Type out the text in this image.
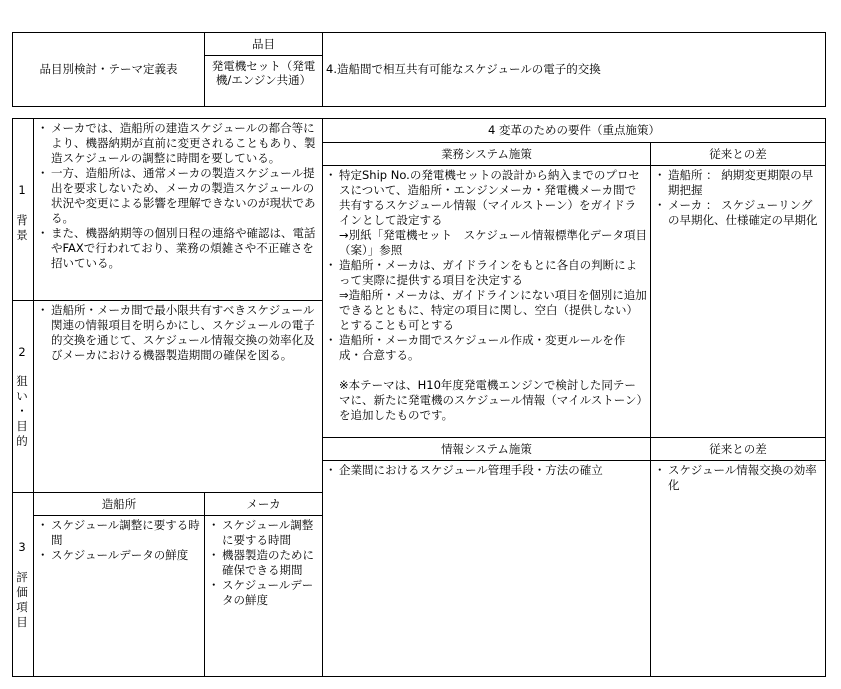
品目別検討・テーマ定義表
品目
発電機セット（発電機/エンジン共通）
4.造船間で相互共有可能なスケジュールの電子的交換
1
背
景
・ メーカでは、造船所の建造スケジュールの都合等により、機器納期が直前に変更されることもあり、製造スケジュールの調整に時間を要している。
・ 一方、造船所は、通常メーカの製造スケジュール提出を要求しないため、メーカの製造スケジュールの状況や変更による影響を理解できないのが現状である。
・ また、機器納期等の個別日程の連絡や確認は、電話やFAXで行われており、業務の煩雑さや不正確さを招いている。
2
狙
い
・
目
的
・ 造船所・メーカ間で最小限共有すべきスケジュール関連の情報項目を明らかにし、スケジュールの電子的交換を通じて、スケジュール情報交換の効率化及びメーカにおける機器製造期間の確保を図る。
3
評
価
項
目
造船所	メーカ
・ スケジュール調整に要する時間
・ スケジュールデータの鮮度
・ スケジュール調整に要する時間
・ 機器製造のために確保できる期間
・ スケジュールデータの鮮度
4 変革のための要件（重点施策）
業務システム施策	従来との差
・ 特定Ship No.の発電機セットの設計から納入までのプロセスについて、造船所・エンジンメーカ・発電機メーカ間で共有するスケジュール情報（マイルストーン）をガイドラインとして設定する
→別紙「発電機セット　スケジュール情報標準化データ項目（案）」参照
・ 造船所・メーカは、ガイドラインをもとに各自の判断によって実際に提供する項目を決定する
⇒造船所・メーカは、ガイドラインにない項目を個別に追加できるとともに、特定の項目に関し、空白（提供しない）とすることも可とする
・ 造船所・メーカ間でスケジュール作成・変更ルールを作成・合意する。
※本テーマは、H10年度発電機エンジンで検討した同テーマに、新たに発電機のスケジュール情報（マイルストーン）を追加したものです。
・ 造船所 ： 納期変更期限の早期把握
・ メーカ ： スケジューリングの早期化、仕様確定の早期化
情報システム施策	従来との差
・ 企業間におけるスケジュール管理手段・方法の確立
・	スケジュール情報交換の効率化
